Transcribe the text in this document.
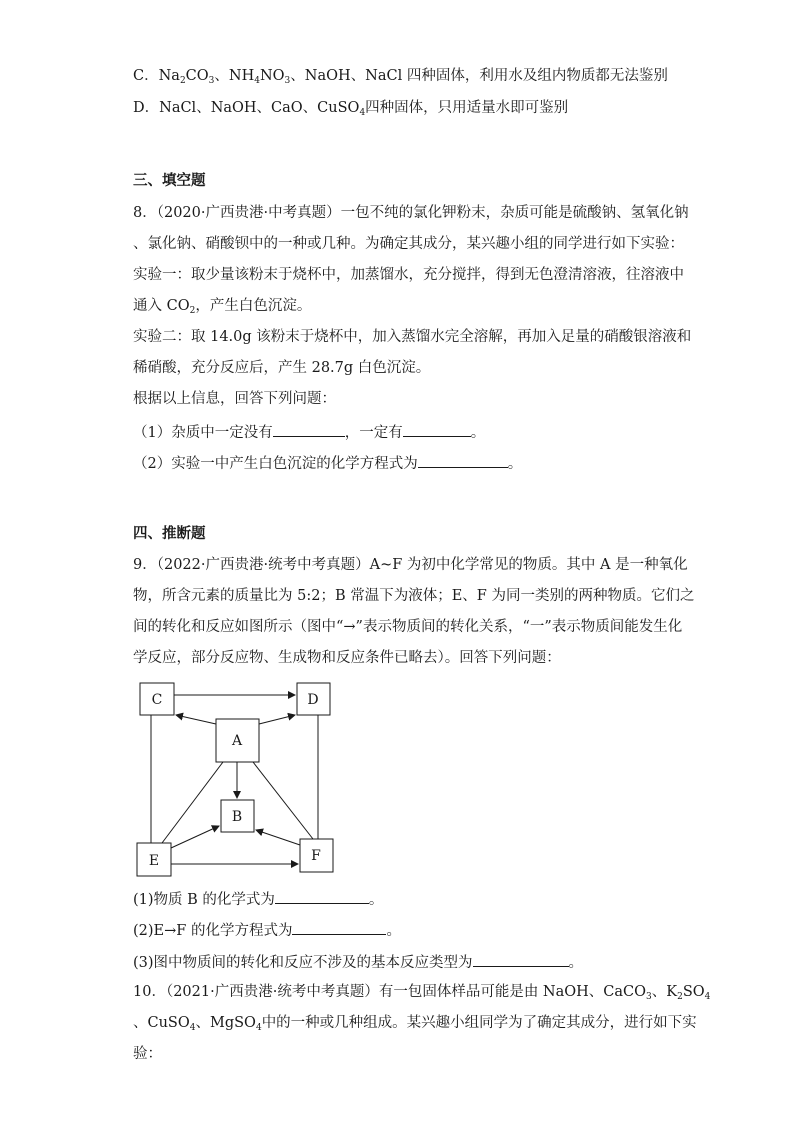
C．$Na_2CO_3$、$NH_4NO_3$、NaOH、NaCl 四种固体，利用水及组内物质都无法鉴别
D．NaCl、NaOH、CaO、CuSO$_4$四种固体，只用适量水即可鉴别
三、填空题
8．（2020·广西贵港·中考真题）一包不纯的氯化钾粉末，杂质可能是硫酸钠、氢氧化钠
、氯化钠、硝酸钡中的一种或几种。为确定其成分，某兴趣小组的同学进行如下实验：
实验一：取少量该粉末于烧杯中，加蒸馏水，充分搅拌，得到无色澄清溶液，往溶液中
通入 $CO_2$，产生白色沉淀。
实验二：取 14.0g 该粉末于烧杯中，加入蒸馏水完全溶解，再加入足量的硝酸银溶液和
稀硝酸，充分反应后，产生 28.7g 白色沉淀。
根据以上信息，回答下列问题：
（1）杂质中一定没有	，一定有	。
（2）实验一中产生白色沉淀的化学方程式为	。
四、推断题
9．（2022·广西贵港·统考中考真题）A~F 为初中化学常见的物质。其中 A 是一种氧化
物，所含元素的质量比为 5:2；B 常温下为液体；E、F 为同一类别的两种物质。它们之
间的转化和反应如图所示（图中“→”表示物质间的转化关系，“一”表示物质间能发生化
学反应，部分反应物、生成物和反应条件已略去）。回答下列问题：
C	D
A
B
E	F
(1)物质 B 的化学式为	。
(2)E→F 的化学方程式为	。
(3)图中物质间的转化和反应不涉及的基本反应类型为	。
10．（2021·广西贵港·统考中考真题）有一包固体样品可能是由 NaOH、CaCO$_3$、$K_2SO_4$
、CuSO$_4$、MgSO$_4$中的一种或几种组成。某兴趣小组同学为了确定其成分，进行如下实
验：
